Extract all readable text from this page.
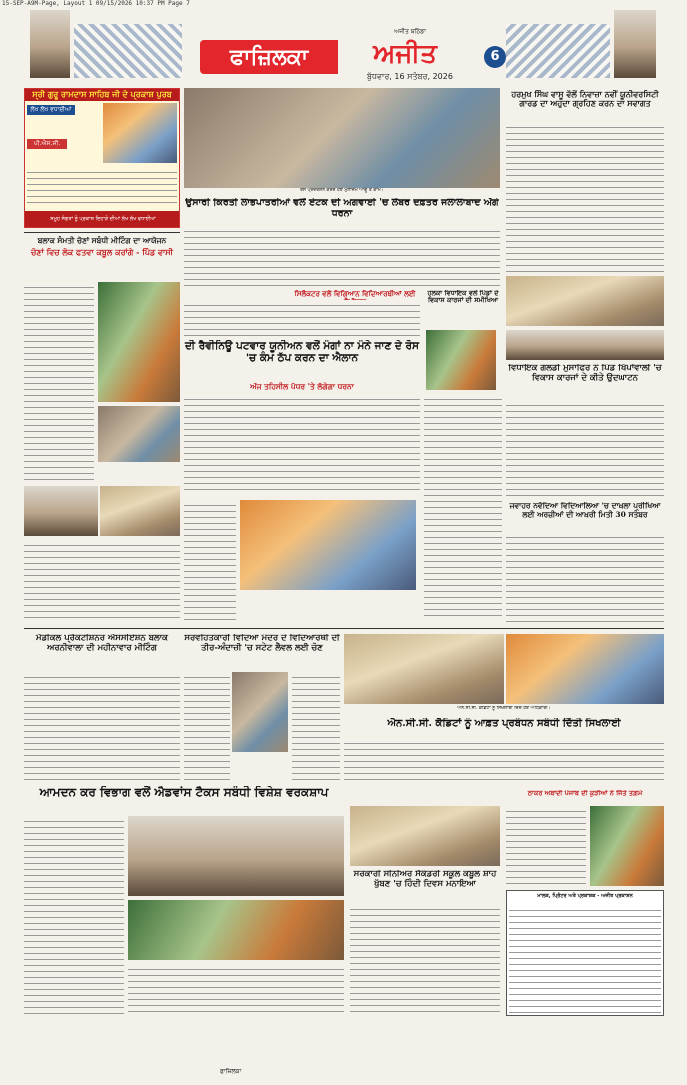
15-SEP-A9M-Page, Layout 1 09/15/2026 10:37 PM Page 7
ਅਜੀਤ ਬਠਿੰਡਾ
ਫਾਜ਼ਿਲਕਾ	ਅਜੀਤ
ਬੁੱਧਵਾਰ, 16 ਸਤੰਬਰ, 2026
6
ਸ੍ਰੀ ਗੁਰੂ ਰਾਮਦਾਸ ਸਾਹਿਬ ਜੀ ਦੇ ਪ੍ਰਕਾਸ਼ ਪੁਰਬ
ਲੱਖ ਲੱਖ ਵਧਾਈਆਂ
ਪੀ.ਐਸ.ਸੀ.
ਸਮੂਹ ਸੰਗਤਾਂ ਨੂੰ ਪ੍ਰਕਾਸ਼ ਦਿਹਾੜੇ ਦੀਆਂ ਲੱਖ ਲੱਖ ਵਧਾਈਆਂ
ਰੋਸ ਪ੍ਰਦਰਸ਼ਨ ਕਰਦੇ ਹੋਏ ਮੁਲਾਜ਼ਮ ਆਗੂ ਤੇ ਕਾਮੇ।
ਉਸਾਰੀ ਕਿਰਤੀ ਲਾਭਪਾਤਰੀਆਂ ਵਲੋਂ ਏਟਕ ਦੀ ਅਗਵਾਈ 'ਚ ਲੇਬਰ ਦਫ਼ਤਰ ਜਲਾਲਾਬਾਦ ਅੱਗੇ ਧਰਨਾ
ਹਰਮੁਖ ਸਿੰਘ ਵਾਸੂ ਵੱਲੋਂ ਨਿਵਾਜ਼ਾ ਨਵੀਂ ਯੂਨੀਵਰਸਿਟੀ ਗਾਰਡ ਦਾ ਅਹੁਦਾ ਗ੍ਰਹਿਣ ਕਰਨ ਦਾ ਸਵਾਗਤ
ਬਲਾਕ ਸੰਮਤੀ ਚੋਣਾਂ ਸਬੰਧੀ ਮੀਟਿੰਗ ਦਾ ਆਯੋਜਨ
ਚੋਣਾਂ ਵਿਚ ਲੋਕ ਫਤਵਾ ਕਬੂਲ ਕਰਾਂਗੇ - ਪਿੰਡ ਵਾਸੀ
ਸਿਲੈਕਟਰ ਵਲੋਂ ਵਿਗਿਆਨ ਵਿਦਿਆਰਥੀਆਂ ਲਈ
ਦੀ ਰੈਵੀਨਿਊ ਪਟਵਾਰ ਯੂਨੀਅਨ ਵਲੋਂ ਮੰਗਾਂ ਨਾ ਮੰਨੇ ਜਾਣ ਦੇ ਰੋਸ 'ਚ ਕੰਮ ਠੱਪ ਕਰਨ ਦਾ ਐਲਾਨ
ਅੱਜ ਤਹਿਸੀਲ ਪੱਧਰ 'ਤੇ ਲੱਗੇਗਾ ਧਰਨਾ
ਹਲਕਾ ਵਿਧਾਇਕ ਵਲੋਂ ਪਿੰਡਾਂ ਦੇ ਵਿਕਾਸ ਕਾਰਜਾਂ ਦੀ ਸਮੀਖਿਆ
ਵਿਧਾਇਕ ਗੋਲਡੀ ਮੁਸਾਫਿਰ ਨੇ ਪਿੰਡ ਖਿੱਪਾਂਵਾਲੀ 'ਚ ਵਿਕਾਸ ਕਾਰਜਾਂ ਦੇ ਕੀਤੇ ਉਦਘਾਟਨ
ਜਵਾਹਰ ਨਵੋਦਿਆ ਵਿਦਿਆਲਿਆ 'ਚ ਦਾਖ਼ਲਾ ਪ੍ਰੀਖਿਆ ਲਈ ਅਰਜ਼ੀਆਂ ਦੀ ਆਖ਼ਰੀ ਮਿਤੀ 30 ਸਤੰਬਰ
ਮੈਡੀਕਲ ਪ੍ਰੈਕਟੀਸ਼ਨਰ ਐਸੋਸੀਏਸ਼ਨ ਬਲਾਕ ਅਰਨੀਵਾਲਾ ਦੀ ਮਹੀਨਾਵਾਰ ਮੀਟਿੰਗ
ਸਰਵਹਿਤਕਾਰੀ ਵਿਦਿਆ ਮੰਦਰ ਦੇ ਵਿਦਿਆਰਥੀ ਦੀ ਤੀਰ-ਅੰਦਾਜ਼ੀ 'ਚ ਸਟੇਟ ਲੈਵਲ ਲਈ ਚੋਣ
ਐਨ.ਸੀ.ਸੀ. ਕੈਡਿਟਾਂ ਨੂੰ ਸਿਖਲਾਈ ਦਿੰਦੇ ਹੋਏ ਅਧਿਕਾਰੀ।
ਐਨ.ਸੀ.ਸੀ. ਕੈਡਿਟਾਂ ਨੂੰ ਆਫ਼ਤ ਪ੍ਰਬੰਧਨ ਸਬੰਧੀ ਦਿੱਤੀ ਸਿਖਲਾਈ
ਆਮਦਨ ਕਰ ਵਿਭਾਗ ਵਲੋਂ ਐਡਵਾਂਸ ਟੈਕਸ ਸਬੰਧੀ ਵਿਸ਼ੇਸ਼ ਵਰਕਸ਼ਾਪ	ਠਾਕਰ ਅਬਾਦੀ ਪੰਜਾਬ ਦੀ ਕੁੜੀਆਂ ਨੇ ਜਿੱਤੇ ਤਗ਼ਮੇ
ਸਰਕਾਰੀ ਸੀਨੀਅਰ ਸੈਕੰਡਰੀ ਸਕੂਲ ਕਬੂਲ ਸ਼ਾਹ ਖੁੱਬਣ 'ਚ ਹਿੰਦੀ ਦਿਵਸ ਮਨਾਇਆ
ਮਾਲਕ, ਪ੍ਰਿੰਟਰ ਅਤੇ ਪ੍ਰਕਾਸ਼ਕ - ਅਜੀਤ ਪ੍ਰਕਾਸ਼ਨ
ਫਾਜ਼ਿਲਕਾ
